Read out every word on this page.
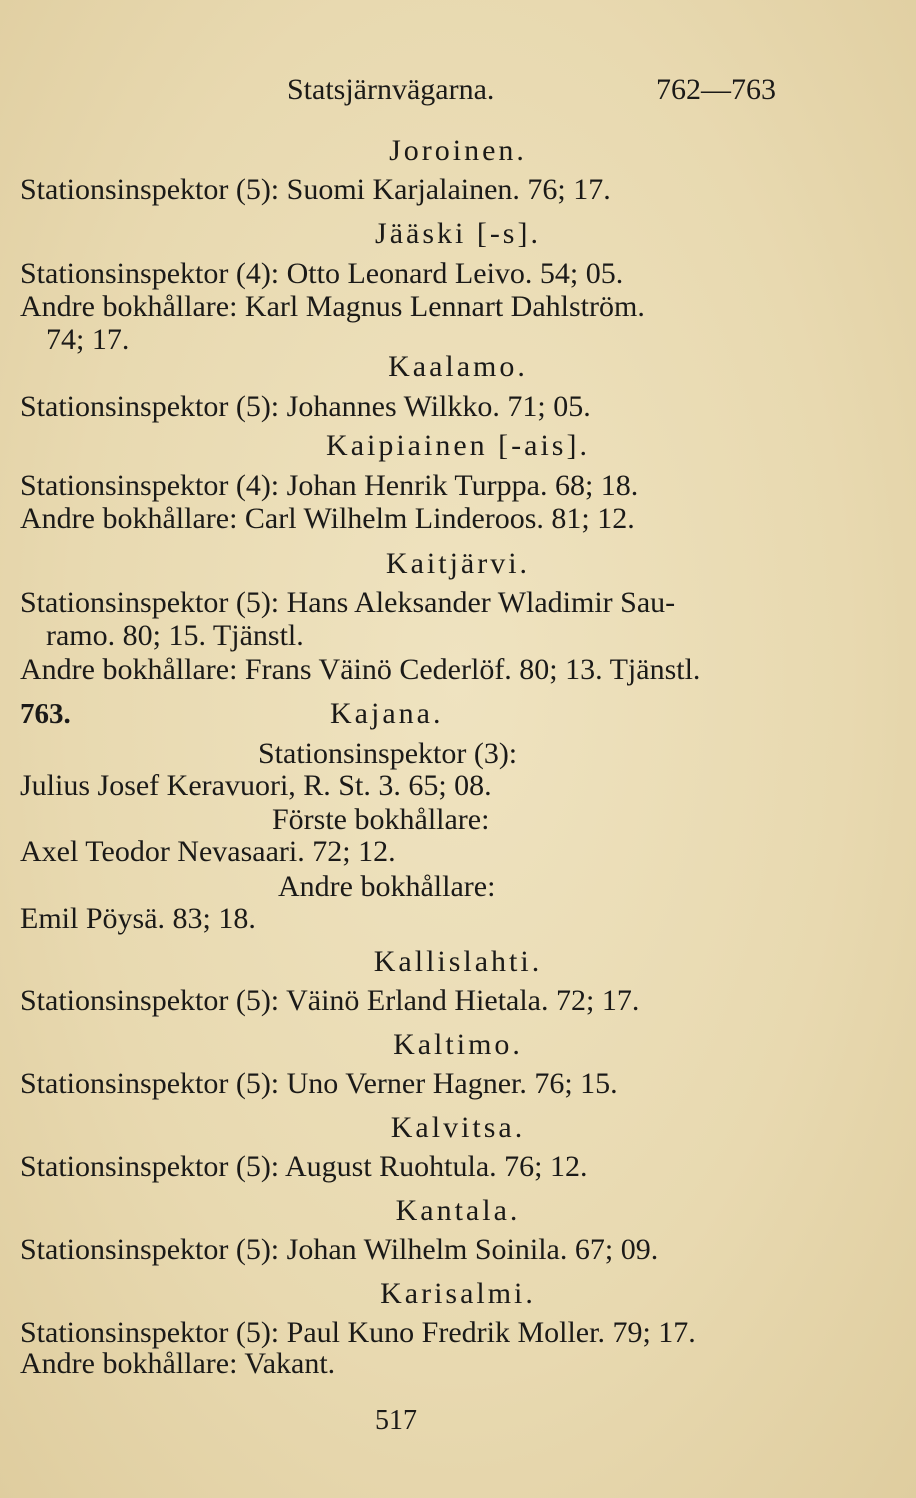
Statsjärnvägarna.	762—763
Joroinen.
Stationsinspektor (5): Suomi Karjalainen. 76; 17.
Jääski [-s].
Stationsinspektor (4): Otto Leonard Leivo. 54; 05.
Andre bokhållare: Karl Magnus Lennart Dahlström.
74; 17.
Kaalamo.
Stationsinspektor (5): Johannes Wilkko. 71; 05.
Kaipiainen [-ais].
Stationsinspektor (4): Johan Henrik Turppa. 68; 18.
Andre bokhållare: Carl Wilhelm Linderoos. 81; 12.
Kaitjärvi.
Stationsinspektor (5): Hans Aleksander Wladimir Sau-
ramo. 80; 15. Tjänstl.
Andre bokhållare: Frans Väinö Cederlöf. 80; 13. Tjänstl.
763.	Kajana.
Stationsinspektor (3):
Julius Josef Keravuori, R. St. 3. 65; 08.
Förste bokhållare:
Axel Teodor Nevasaari. 72; 12.
Andre bokhållare:
Emil Pöysä. 83; 18.
Kallislahti.
Stationsinspektor (5): Väinö Erland Hietala. 72; 17.
Kaltimo.
Stationsinspektor (5): Uno Verner Hagner. 76; 15.
Kalvitsa.
Stationsinspektor (5): August Ruohtula. 76; 12.
Kantala.
Stationsinspektor (5): Johan Wilhelm Soinila. 67; 09.
Karisalmi.
Stationsinspektor (5): Paul Kuno Fredrik Moller. 79; 17.
Andre bokhållare: Vakant.
517
